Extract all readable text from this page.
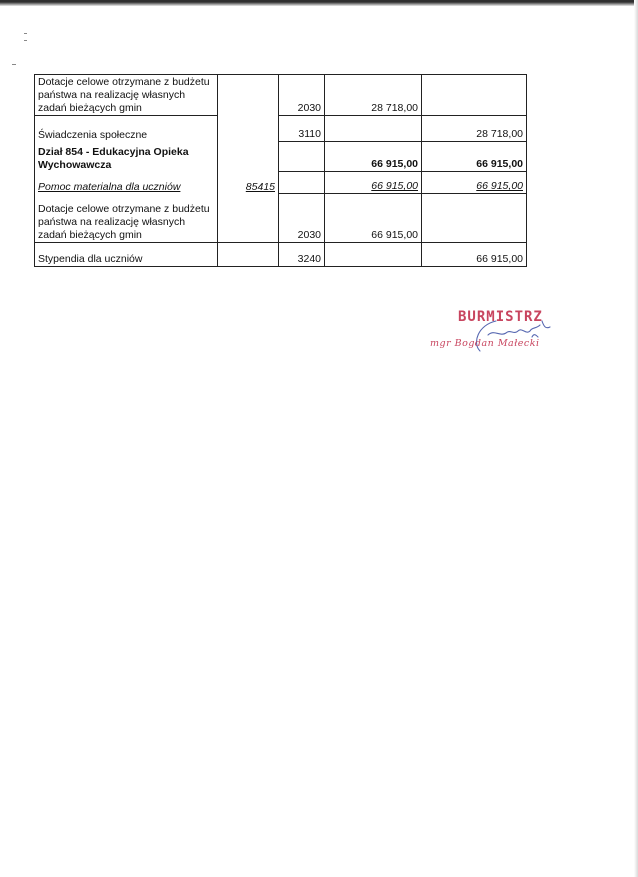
Dotacje celowe otrzymane z budżetu państwa na realizację własnych zadań bieżących gmin		2030	28 718,00	
Świadczenia społeczne		3110		28 718,00
Dział 854 - Edukacyjna Opieka Wychowawcza			66 915,00	66 915,00
Pomoc materialna dla uczniów	85415		66 915,00	66 915,00
Dotacje celowe otrzymane z budżetu państwa na realizację własnych zadań bieżących gmin		2030	66 915,00	
Stypendia dla uczniów		3240		66 915,00
BURMISTRZ
mgr Bogdan Małecki
